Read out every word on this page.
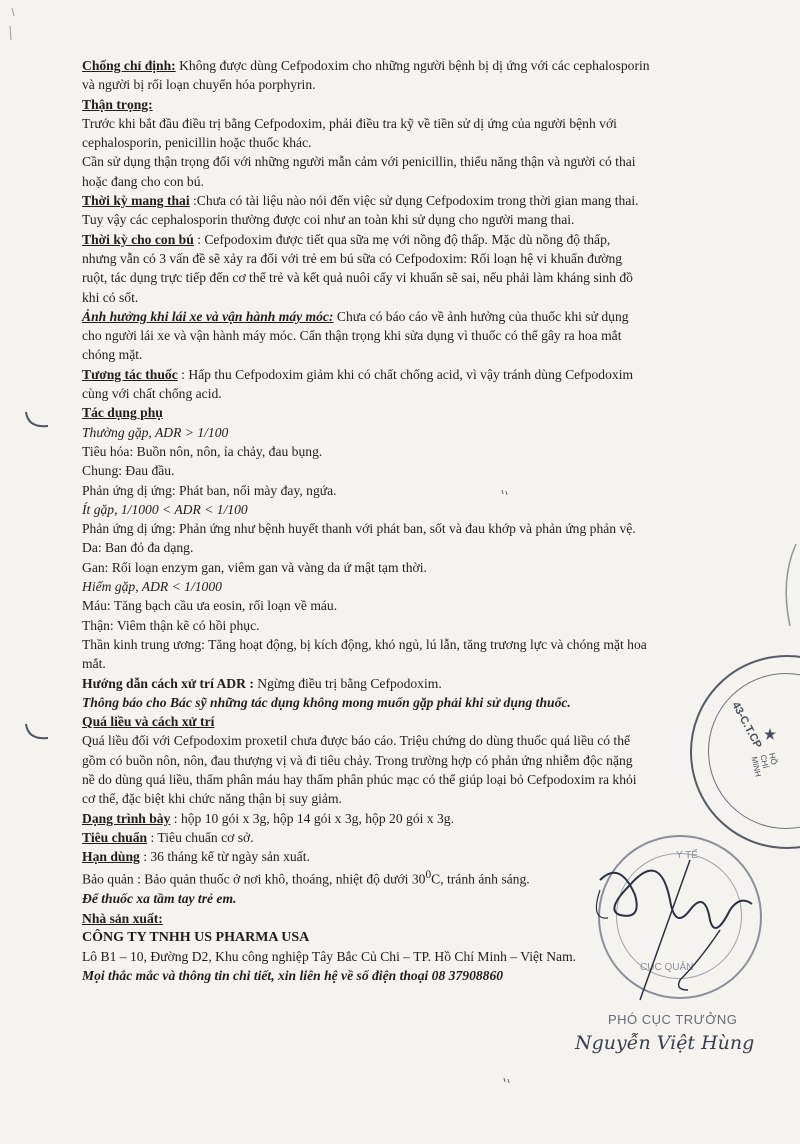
Chống chỉ định: Không được dùng Cefpodoxim cho những người bệnh bị dị ứng với các cephalosporin

và người bị rối loạn chuyển hóa porphyrin.

Thận trọng:

Trước khi bắt đầu điều trị bằng Cefpodoxim, phải điều tra kỹ về tiền sử dị ứng của người bệnh với

cephalosporin, penicillin hoặc thuốc khác.

Cần sử dụng thận trọng đối với những người mẫn cảm với penicillin, thiểu năng thận và người có thai

hoặc đang cho con bú.

Thời kỳ mang thai :Chưa có tài liệu nào nói đến việc sử dụng Cefpodoxim trong thời gian mang thai.

Tuy vậy các cephalosporin thường được coi như an toàn khi sử dụng cho người mang thai.

Thời kỳ cho con bú : Cefpodoxim được tiết qua sữa mẹ với nồng độ thấp. Mặc dù nồng độ thấp,

nhưng vẫn có 3 vấn đề sẽ xảy ra đối với trẻ em bú sữa có Cefpodoxim: Rối loạn hệ vi khuẩn đường

ruột, tác dụng trực tiếp đến cơ thể trẻ và kết quả nuôi cấy vi khuẩn sẽ sai, nếu phải làm kháng sinh đồ

khi có sốt.

Ảnh hưởng khi lái xe và vận hành máy móc: Chưa có báo cáo về ảnh hưởng của thuốc khi sử dụng

cho người lái xe và vận hành máy móc. Cẩn thận trọng khi sửa dụng vì thuốc có thể gây ra hoa mắt

chóng mặt.

Tương tác thuốc : Hấp thu Cefpodoxim giảm khi có chất chống acid, vì vậy tránh dùng Cefpodoxim

cùng với chất chống acid.

Tác dụng phụ

Thường gặp, ADR > 1/100

Tiêu hóa: Buồn nôn, nôn, ỉa chảy, đau bụng.

Chung: Đau đầu.

Phản ứng dị ứng: Phát ban, nổi mày đay, ngứa.

Ít gặp, 1/1000 < ADR < 1/100

Phản ứng dị ứng: Phản ứng như bệnh huyết thanh với phát ban, sốt và đau khớp và phản ứng phản vệ.

Da: Ban đỏ đa dạng.

Gan: Rối loạn enzym gan, viêm gan và vàng da ứ mật tạm thời.

Hiếm gặp, ADR < 1/1000

Máu: Tăng bạch cầu ưa eosin, rối loạn về máu.

Thận: Viêm thận kẽ có hồi phục.

Thần kinh trung ương: Tăng hoạt động, bị kích động, khó ngủ, lú lẫn, tăng trương lực và chóng mặt hoa

mắt.

Hướng dẫn cách xử trí ADR : Ngừng điều trị bằng Cefpodoxim.

Thông báo cho Bác sỹ những tác dụng không mong muốn gặp phải khi sử dụng thuốc.

Quá liều và cách xử trí

Quá liều đối với Cefpodoxim proxetil chưa được báo cáo. Triệu chứng do dùng thuốc quá liều có thể

gồm có buồn nôn, nôn, đau thượng vị và đi tiêu chảy. Trong trường hợp có phản ứng nhiễm độc nặng

nề do dùng quá liều, thẩm phân máu hay thẩm phân phúc mạc có thể giúp loại bỏ Cefpodoxim ra khỏi

cơ thể, đặc biệt khi chức năng thận bị suy giảm.

Dạng trình bày : hộp 10 gói x 3g, hộp 14 gói x 3g, hộp 20 gói x 3g.

Tiêu chuẩn : Tiêu chuẩn cơ sở.

Hạn dùng : 36 tháng kể từ ngày sản xuất.

Bảo quản : Bảo quản thuốc ở nơi khô, thoáng, nhiệt độ dưới $30^0C$, tránh ánh sáng.

Để thuốc xa tầm tay trẻ em.

Nhà sản xuất:

CÔNG TY TNHH US PHARMA USA

Lô B1 – 10, Đường D2, Khu công nghiệp Tây Bắc Củ Chi – TP. Hồ Chí Minh – Việt Nam.

Mọi thắc mắc và thông tin chi tiết, xin liên hệ về số điện thoại 08 37908860

43-C.T.CP
HỒ CHÍ MINH
Y TẾ
CỤC QUẢN
PHÓ CỤC TRƯỞNG
Nguyễn Việt Hùng
